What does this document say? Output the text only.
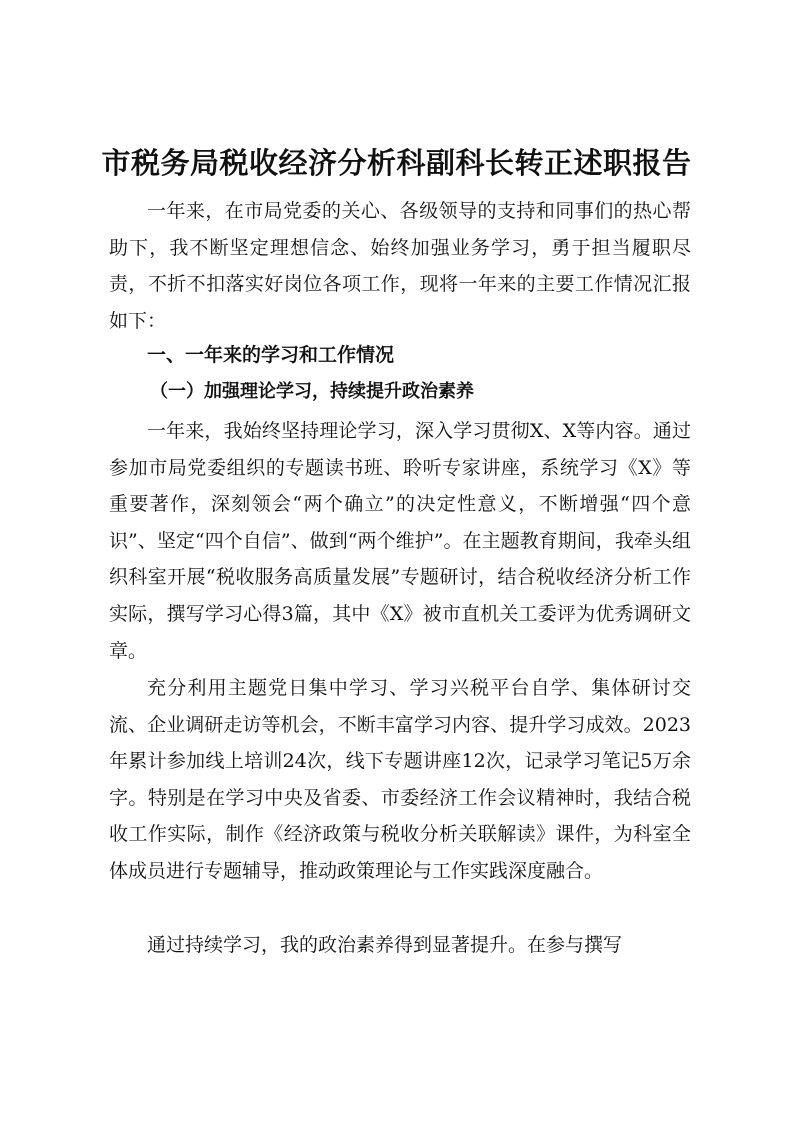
市税务局税收经济分析科副科长转正述职报告

一年来，在市局党委的关心、各级领导的支持和同事们的热心帮助下，我不断坚定理想信念、始终加强业务学习，勇于担当履职尽责，不折不扣落实好岗位各项工作，现将一年来的主要工作情况汇报如下：

一、一年来的学习和工作情况
（一）加强理论学习，持续提升政治素养

一年来，我始终坚持理论学习，深入学习贯彻X、X等内容。通过参加市局党委组织的专题读书班、聆听专家讲座，系统学习《X》等重要著作，深刻领会“两个确立”的决定性意义，不断增强“四个意识”、坚定“四个自信”、做到“两个维护”。在主题教育期间，我牵头组织科室开展“税收服务高质量发展”专题研讨，结合税收经济分析工作实际，撰写学习心得3篇，其中《X》被市直机关工委评为优秀调研文章。

充分利用主题党日集中学习、学习兴税平台自学、集体研讨交流、企业调研走访等机会，不断丰富学习内容、提升学习成效。2023年累计参加线上培训24次，线下专题讲座12次，记录学习笔记5万余字。特别是在学习中央及省委、市委经济工作会议精神时，我结合税收工作实际，制作《经济政策与税收分析关联解读》课件，为科室全体成员进行专题辅导，推动政策理论与工作实践深度融合。

通过持续学习，我的政治素养得到显著提升。在参与撰写
